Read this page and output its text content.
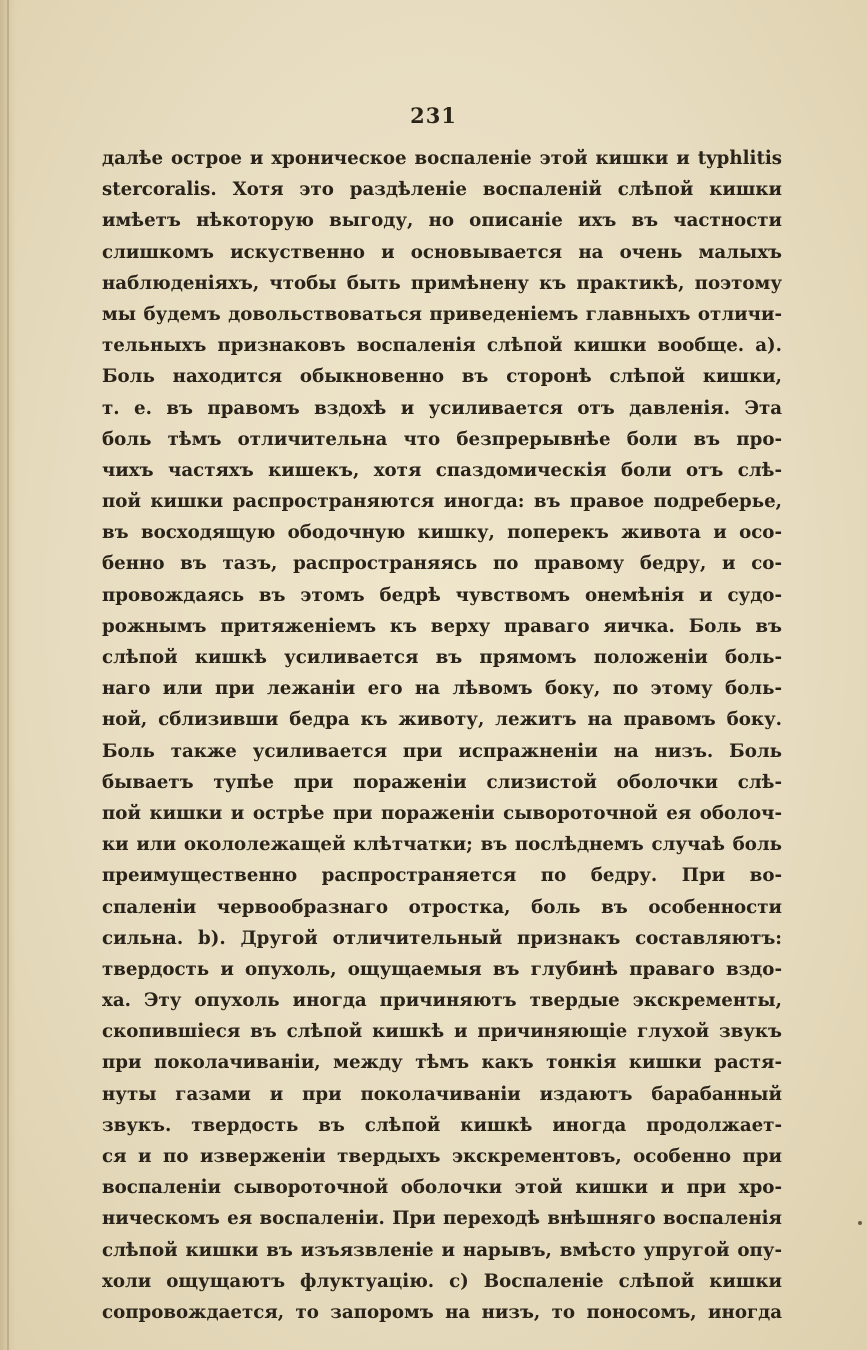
231
далѣе острое и хроническое воспаленіе этой кишки и typhlitis
stercoralis. Хотя это раздѣленіе воспаленій слѣпой кишки
имѣетъ нѣкоторую выгоду, но описаніе ихъ въ частности
слишкомъ искуственно и основывается на очень малыхъ
наблюденіяхъ, чтобы быть примѣнену къ практикѣ, поэтому
мы будемъ довольствоваться приведеніемъ главныхъ отличи-
тельныхъ признаковъ воспаленія слѣпой кишки вообще. а).
Боль находится обыкновенно въ сторонѣ слѣпой кишки,
т. е. въ правомъ вздохѣ и усиливается отъ давленія. Эта
боль тѣмъ отличительна что безпрерывнѣе боли въ про-
чихъ частяхъ кишекъ, хотя спаздомическія боли отъ слѣ-
пой кишки распространяются иногда: въ правое подреберье,
въ восходящую ободочную кишку, поперекъ живота и осо-
бенно въ тазъ, распространяясь по правому бедру, и со-
провождаясь въ этомъ бедрѣ чувствомъ онемѣнія и судо-
рожнымъ притяженіемъ къ верху праваго яичка. Боль въ
слѣпой кишкѣ усиливается въ прямомъ положеніи боль-
наго или при лежаніи его на лѣвомъ боку, по этому боль-
ной, сблизивши бедра къ животу, лежитъ на правомъ боку.
Боль также усиливается при испражненіи на низъ. Боль
бываетъ тупѣе при пораженіи слизистой оболочки слѣ-
пой кишки и острѣе при пораженіи сывороточной ея оболоч-
ки или окололежащей клѣтчатки; въ послѣднемъ случаѣ боль
преимущественно распространяется по бедру. При во-
спаленіи червообразнаго отростка, боль въ особенности
сильна. b). Другой отличительный признакъ составляютъ:
твердость и опухоль, ощущаемыя въ глубинѣ праваго вздо-
ха. Эту опухоль иногда причиняютъ твердые экскременты,
скопившіеся въ слѣпой кишкѣ и причиняющіе глухой звукъ
при поколачиваніи, между тѣмъ какъ тонкія кишки растя-
нуты газами и при поколачиваніи издаютъ барабанный
звукъ. твердость въ слѣпой кишкѣ иногда продолжает-
ся и по изверженіи твердыхъ экскрементовъ, особенно при
воспаленіи сывороточной оболочки этой кишки и при хро-
ническомъ ея воспаленіи. При переходѣ внѣшняго воспаленія
слѣпой кишки въ изъязвленіе и нарывъ, вмѣсто упругой опу-
холи ощущаютъ флуктуацію. с) Воспаленіе слѣпой кишки
сопровождается, то запоромъ на низъ, то поносомъ, иногда
